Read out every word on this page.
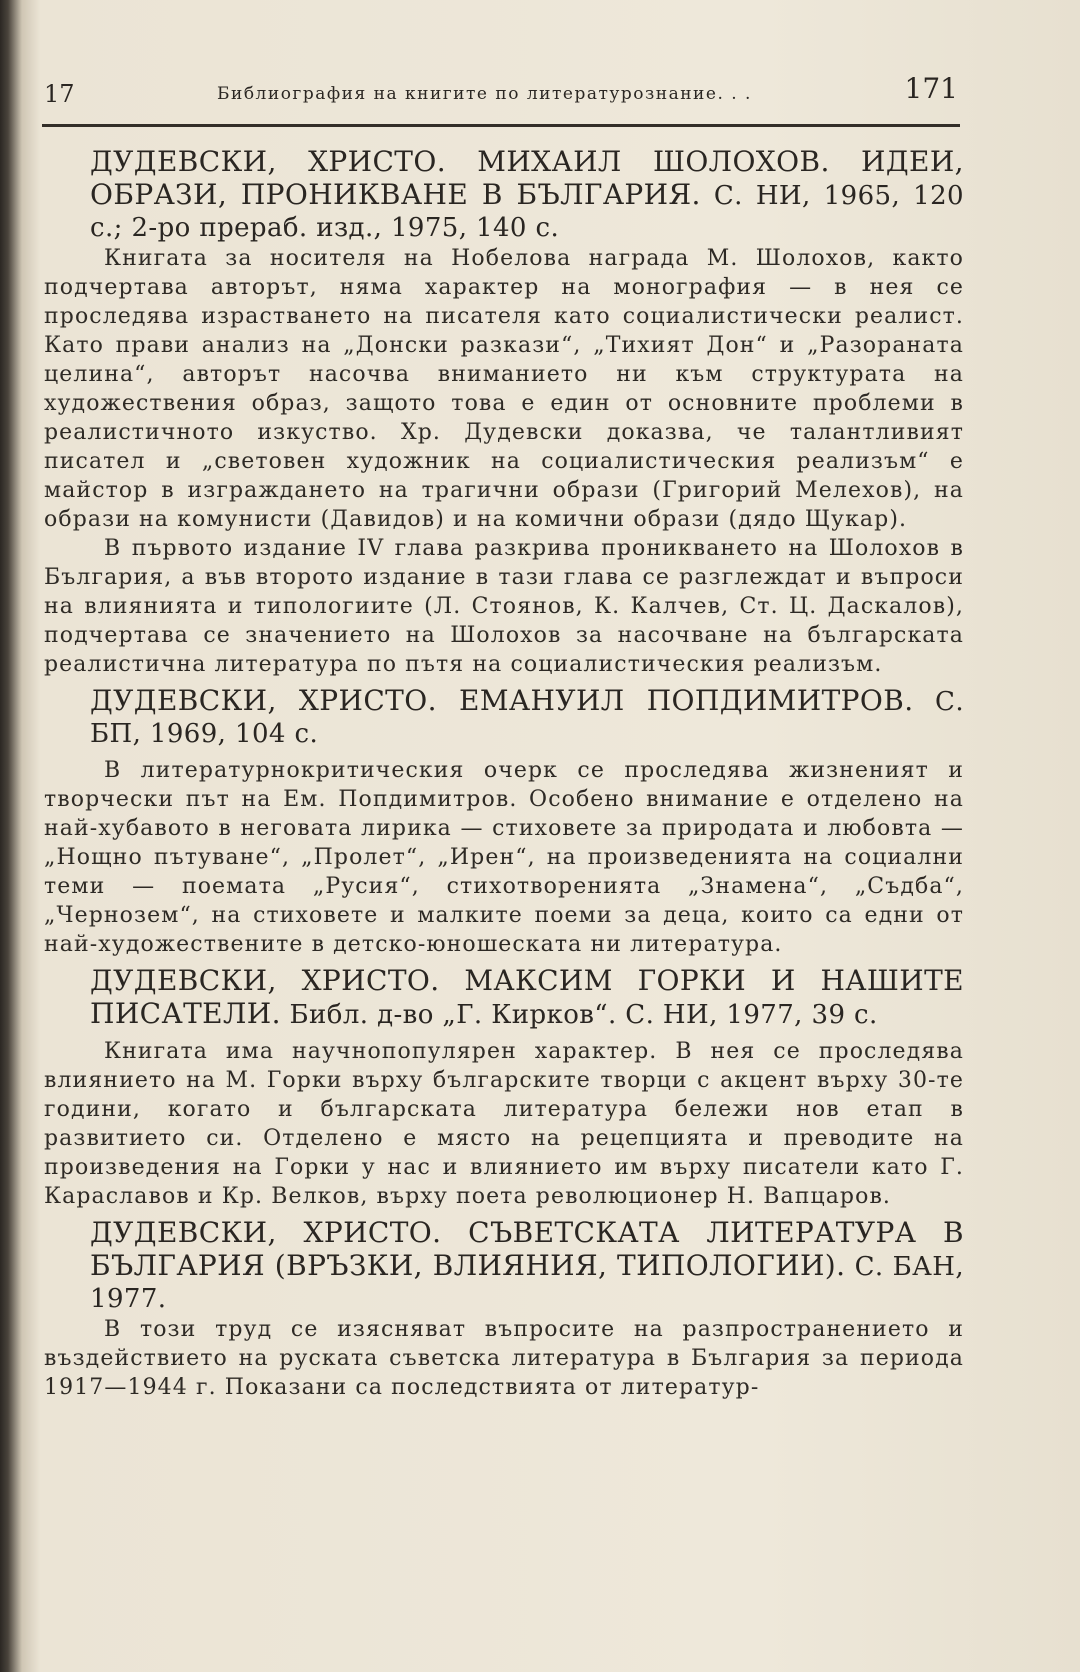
17	Библиография на книгите по литературознание. . .	171

ДУДЕВСКИ, ХРИСТО. МИХАИЛ ШОЛОХОВ. ИДЕИ, ОБРАЗИ, ПРОНИКВАНЕ В БЪЛГАРИЯ. С. НИ, 1965, 120 с.; 2-ро прераб. изд., 1975, 140 с.

Книгата за носителя на Нобелова награда М. Шолохов, както подчертава авторът, няма характер на монография — в нея се проследява израстването на писателя като социалистически реалист. Като прави анализ на „Донски разкази“, „Тихият Дон“ и „Разораната целина“, авторът насочва вниманието ни към структурата на художествения образ, защото това е един от основните проблеми в реалистичното изкуство. Хр. Дудевски доказва, че талантливият писател и „световен художник на социалистическия реализъм“ е майстор в изграждането на трагични образи (Григорий Мелехов), на образи на комунисти (Давидов) и на комични образи (дядо Щукар).

В първото издание IV глава разкрива проникването на Шолохов в България, а във второто издание в тази глава се разглеждат и въпроси на влиянията и типологиите (Л. Стоянов, К. Калчев, Ст. Ц. Даскалов), подчертава се значението на Шолохов за насочване на българската реалистична литература по пътя на социалистическия реализъм.

ДУДЕВСКИ, ХРИСТО. ЕМАНУИЛ ПОПДИМИТРОВ. С. БП, 1969, 104 с.

В литературнокритическия очерк се проследява жизненият и творчески път на Ем. Попдимитров. Особено внимание е отделено на най-хубавото в неговата лирика — стиховете за природата и любовта — „Нощно пътуване“, „Пролет“, „Ирен“, на произведенията на социални теми — поемата „Русия“, стихотворенията „Знамена“, „Съдба“, „Чернозем“, на стиховете и малките поеми за деца, които са едни от най-художествените в детско-юношеската ни литература.

ДУДЕВСКИ, ХРИСТО. МАКСИМ ГОРКИ И НАШИТЕ ПИСАТЕЛИ. Библ. д-во „Г. Кирков“. С. НИ, 1977, 39 с.

Книгата има научнопопулярен характер. В нея се проследява влиянието на М. Горки върху българските творци с акцент върху 30-те години, когато и българската литература бележи нов етап в развитието си. Отделено е място на рецепцията и преводите на произведения на Горки у нас и влиянието им върху писатели като Г. Караславов и Кр. Велков, върху поета революционер Н. Вапцаров.

ДУДЕВСКИ, ХРИСТО. СЪВЕТСКАТА ЛИТЕРАТУРА В БЪЛГАРИЯ (ВРЪЗКИ, ВЛИЯНИЯ, ТИПОЛОГИИ). С. БАН, 1977.

В този труд се изясняват въпросите на разпространението и въздействието на руската съветска литература в България за периода 1917—1944 г. Показани са последствията от литератур-
